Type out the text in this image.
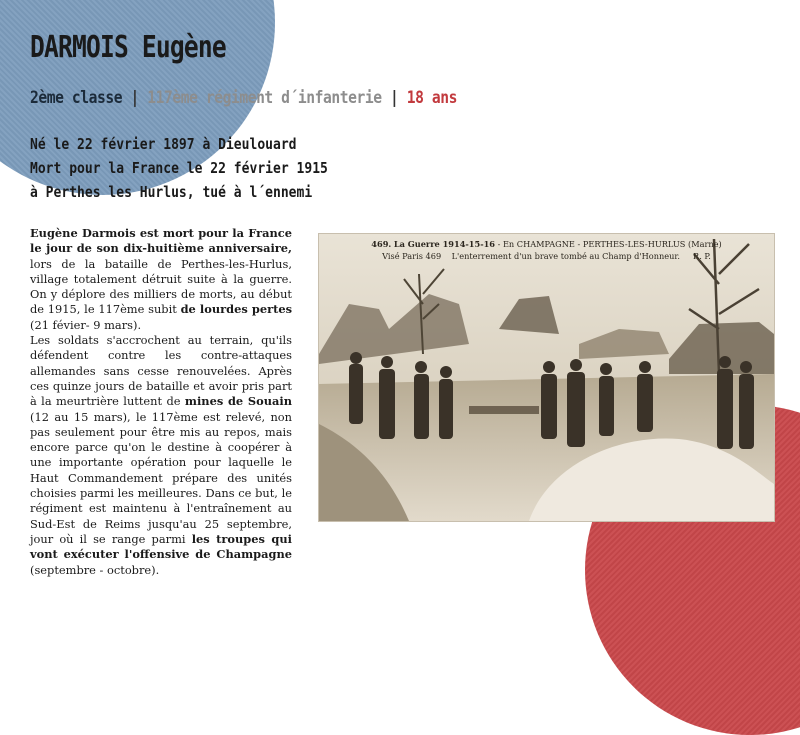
DARMOIS Eugène
2ème classe | 117ème régiment d´infanterie | 18 ans
Né le 22 février 1897 à Dieulouard
Mort pour la France le 22 février 1915
à Perthes les Hurlus, tué à l´ennemi

Eugène Darmois est mort pour la France le jour de son dix-huitième anniversaire, lors de la bataille de Perthes-les-Hurlus, village totalement détruit suite à la guerre. On y déplore des milliers de morts, au début de 1915, le 117ème subit de lourdes pertes (21 févier- 9 mars).

Les soldats s'accrochent au terrain, qu'ils défendent contre les contre-attaques allemandes sans cesse renouvelées. Après ces quinze jours de bataille et avoir pris part à la meurtrière luttent de mines de Souain (12 au 15 mars), le 117ème est relevé, non pas seulement pour être mis au repos, mais encore parce qu'on le destine à coopérer à une importante opération pour laquelle le Haut Commandement prépare des unités choisies parmi les meilleures. Dans ce but, le régiment est maintenu à l'entraînement au Sud-Est de Reims jusqu'au 25 septembre, jour où il se range parmi les troupes qui vont exécuter l'offensive de Champagne (septembre - octobre).

469. La Guerre 1914-15-16 - En CHAMPAGNE - PERTHES-LES-HURLUS (Marne)
Visé Paris 469 L'enterrement d'un brave tombé au Champ d'Honneur. R. P.
